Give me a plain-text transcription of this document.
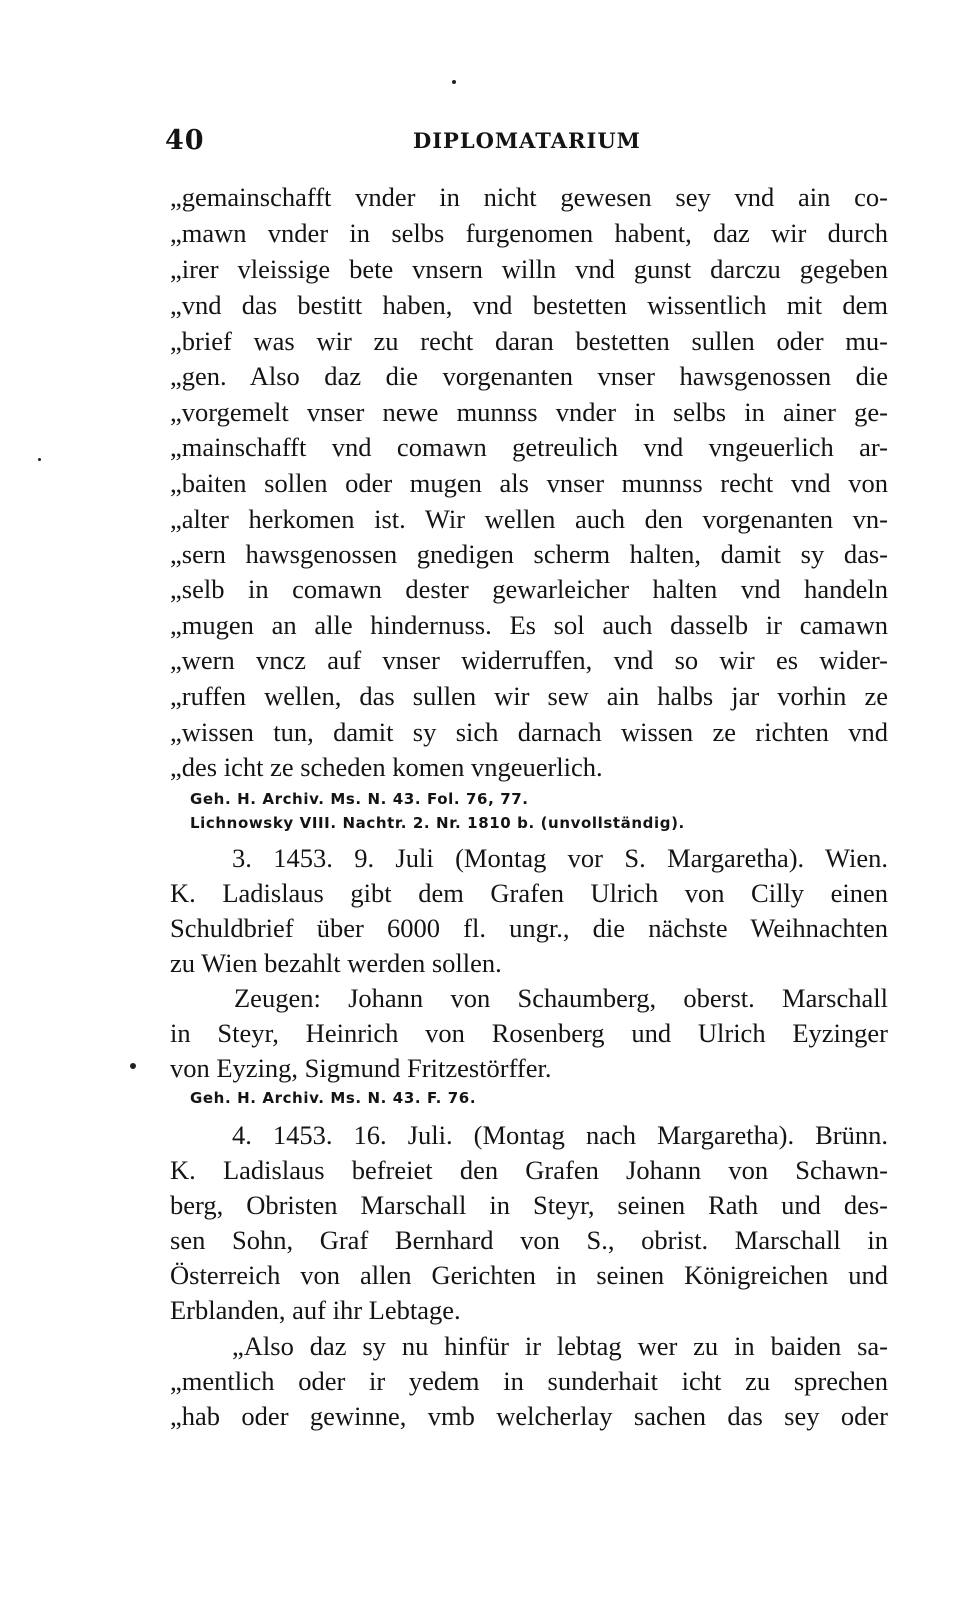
40	DIPLOMATARIUM
„gemainschafft vnder in nicht gewesen sey vnd ain co-
„mawn vnder in selbs furgenomen habent, daz wir durch
„irer vleissige bete vnsern willn vnd gunst darczu gegeben
„vnd das bestitt haben, vnd bestetten wissentlich mit dem
„brief was wir zu recht daran bestetten sullen oder mu-
„gen. Also daz die vorgenanten vnser hawsgenossen die
„vorgemelt vnser newe munnss vnder in selbs in ainer ge-
„mainschafft vnd comawn getreulich vnd vngeuerlich ar-
„baiten sollen oder mugen als vnser munnss recht vnd von
„alter herkomen ist. Wir wellen auch den vorgenanten vn-
„sern hawsgenossen gnedigen scherm halten, damit sy das-
„selb in comawn dester gewarleicher halten vnd handeln
„mugen an alle hindernuss. Es sol auch dasselb ir camawn
„wern vncz auf vnser widerruffen, vnd so wir es wider-
„ruffen wellen, das sullen wir sew ain halbs jar vorhin ze
„wissen tun, damit sy sich darnach wissen ze richten vnd
„des icht ze scheden komen vngeuerlich.
Geh. H. Archiv. Ms. N. 43. Fol. 76, 77.
Lichnowsky VIII. Nachtr. 2. Nr. 1810 b. (unvollständig).
3. 1453. 9. Juli (Montag vor S. Margaretha). Wien.
K. Ladislaus gibt dem Grafen Ulrich von Cilly einen
Schuldbrief über 6000 fl. ungr., die nächste Weihnachten
zu Wien bezahlt werden sollen.
Zeugen: Johann von Schaumberg, oberst. Marschall
in Steyr, Heinrich von Rosenberg und Ulrich Eyzinger
von Eyzing, Sigmund Fritzestörffer.
Geh. H. Archiv. Ms. N. 43. F. 76.
4. 1453. 16. Juli. (Montag nach Margaretha). Brünn.
K. Ladislaus befreiet den Grafen Johann von Schawn-
berg, Obristen Marschall in Steyr, seinen Rath und des-
sen Sohn, Graf Bernhard von S., obrist. Marschall in
Österreich von allen Gerichten in seinen Königreichen und
Erblanden, auf ihr Lebtage.
„Also daz sy nu hinfür ir lebtag wer zu in baiden sa-
„mentlich oder ir yedem in sunderhait icht zu sprechen
„hab oder gewinne, vmb welcherlay sachen das sey oder
